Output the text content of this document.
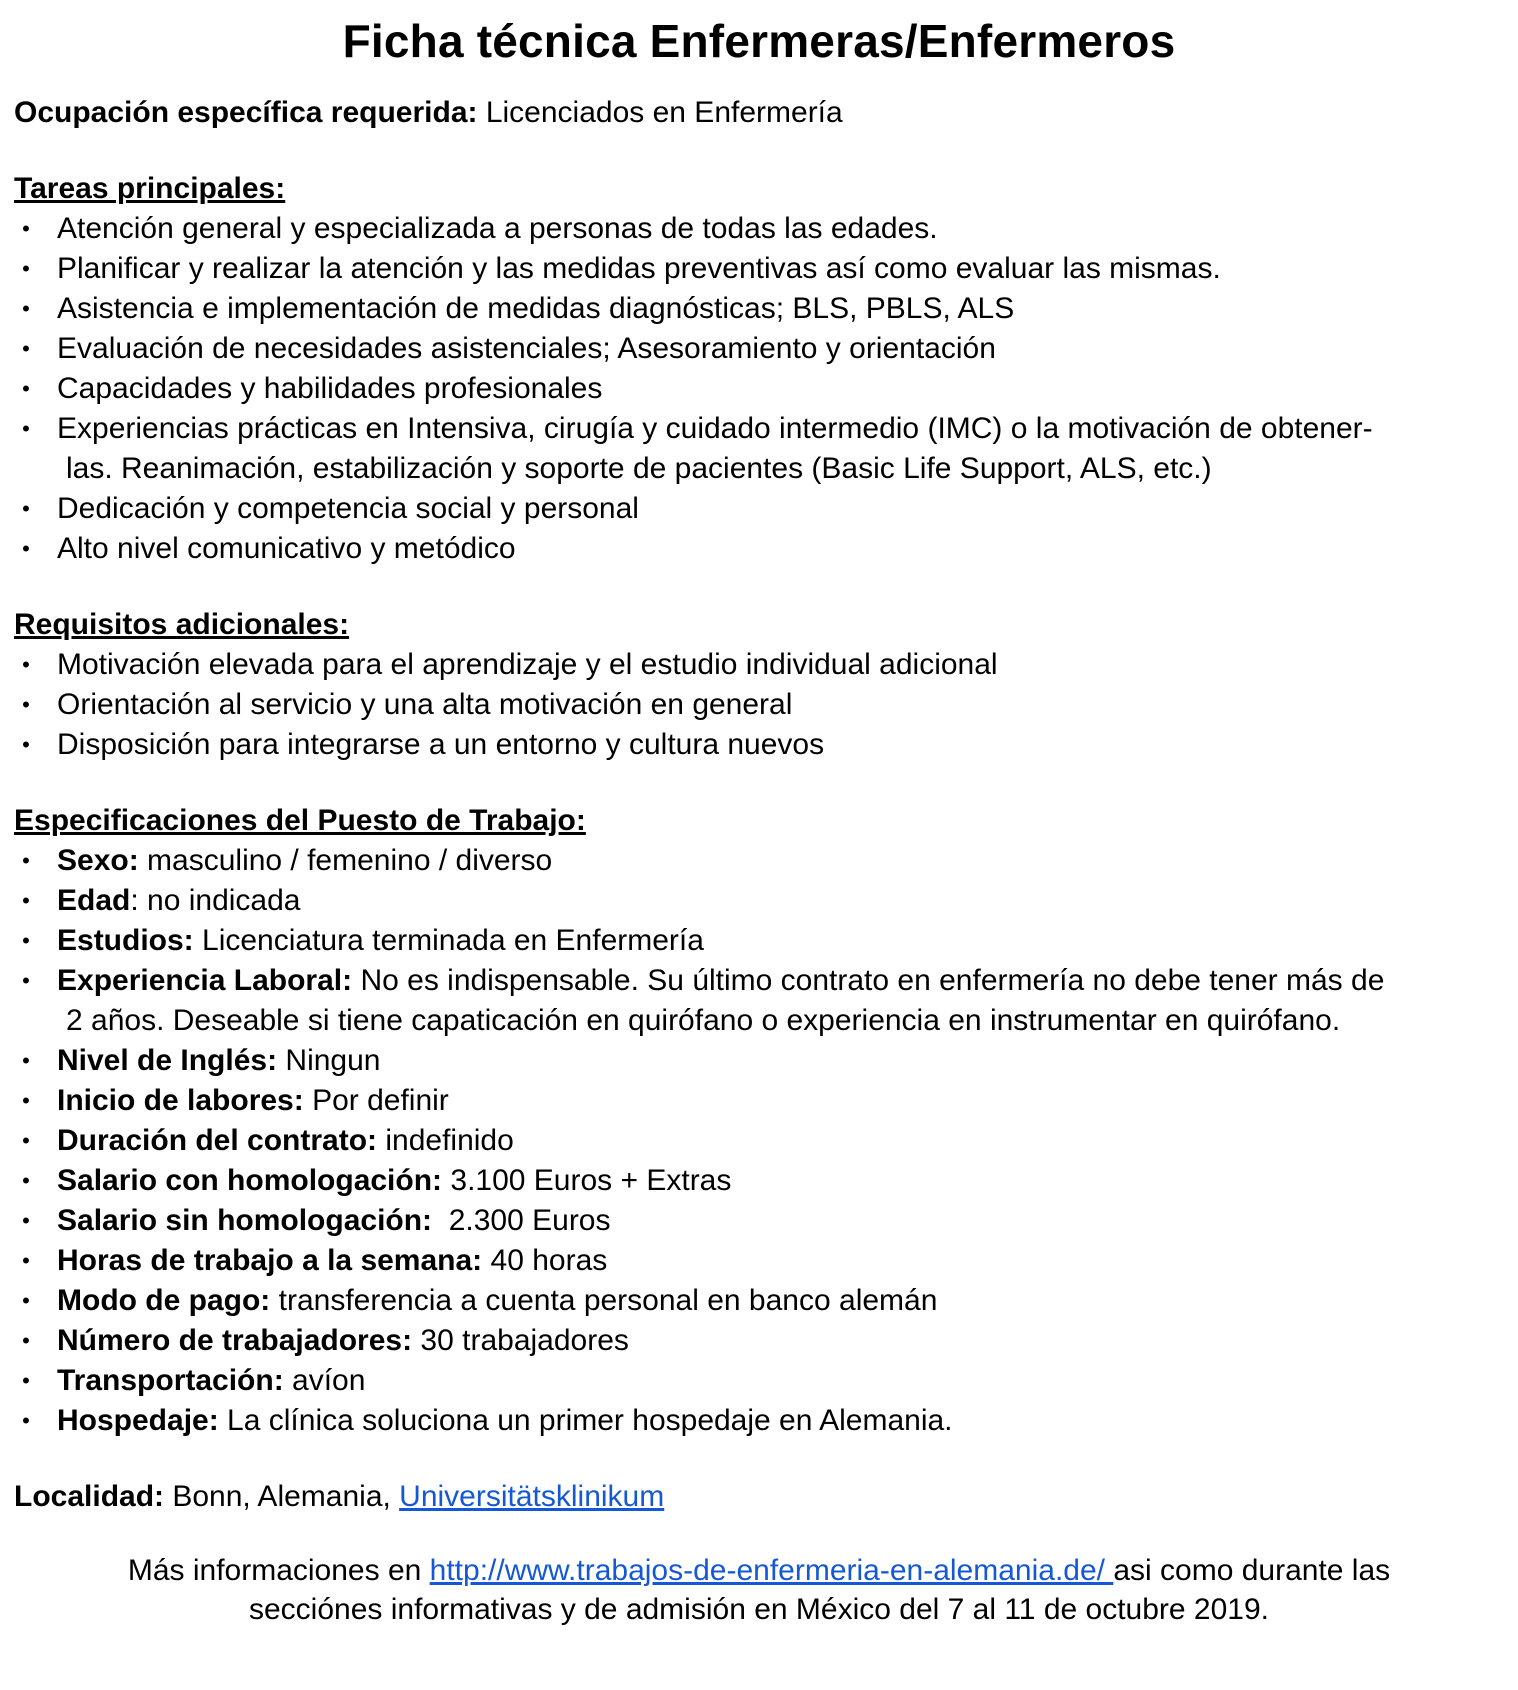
Ficha técnica Enfermeras/Enfermeros

Ocupación específica requerida: Licenciados en Enfermería

Tareas principales:

• Atención general y especializada a personas de todas las edades.
• Planificar y realizar la atención y las medidas preventivas así como evaluar las mismas.
• Asistencia e implementación de medidas diagnósticas; BLS, PBLS, ALS
• Evaluación de necesidades asistenciales; Asesoramiento y orientación
• Capacidades y habilidades profesionales
• Experiencias prácticas en Intensiva, cirugía y cuidado intermedio (IMC) o la motivación de obtener-
las. Reanimación, estabilización y soporte de pacientes (Basic Life Support, ALS, etc.)
• Dedicación y competencia social y personal
• Alto nivel comunicativo y metódico

Requisitos adicionales:

• Motivación elevada para el aprendizaje y el estudio individual adicional
• Orientación al servicio y una alta motivación en general
• Disposición para integrarse a un entorno y cultura nuevos

Especificaciones del Puesto de Trabajo:

• Sexo: masculino / femenino / diverso
• Edad: no indicada
• Estudios: Licenciatura terminada en Enfermería
• Experiencia Laboral: No es indispensable. Su último contrato en enfermería no debe tener más de
2 años. Deseable si tiene capaticación en quirófano o experiencia en instrumentar en quirófano.
• Nivel de Inglés: Ningun
• Inicio de labores: Por definir
• Duración del contrato: indefinido
• Salario con homologación: 3.100 Euros + Extras
• Salario sin homologación:  2.300 Euros
• Horas de trabajo a la semana: 40 horas
• Modo de pago: transferencia a cuenta personal en banco alemán
• Número de trabajadores: 30 trabajadores
• Transportación: avíon
• Hospedaje: La clínica soluciona un primer hospedaje en Alemania.

Localidad: Bonn, Alemania, Universitätsklinikum

Más informaciones en http://www.trabajos-de-enfermeria-en-alemania.de/ asi como durante las

secciónes informativas y de admisión en México del 7 al 11 de octubre 2019.
